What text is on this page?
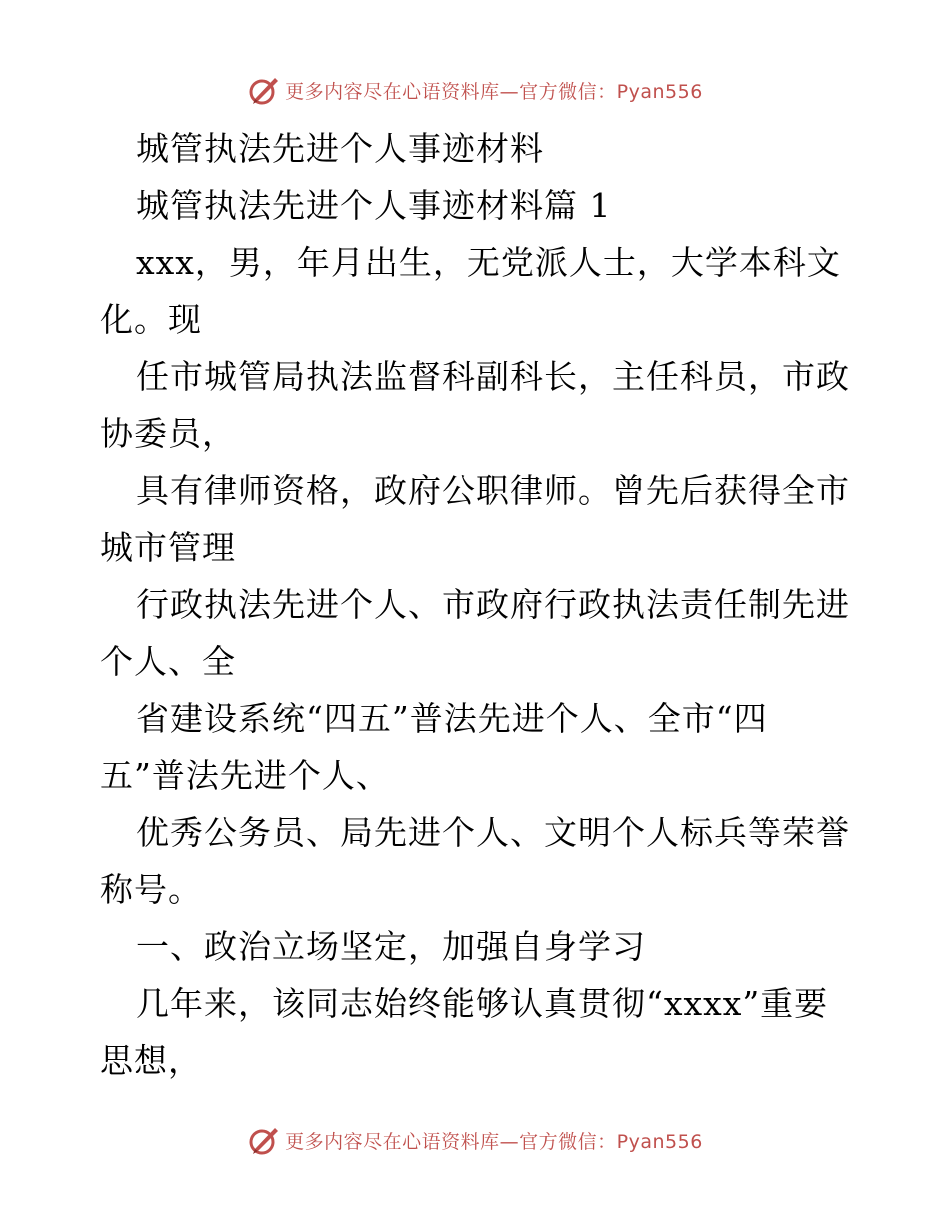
更多内容尽在心语资料库—官方微信：Pyan556

城管执法先进个人事迹材料

城管执法先进个人事迹材料篇 1

xxx，男，年月出生，无党派人士，大学本科文

化。现

任市城管局执法监督科副科长，主任科员，市政

协委员，

具有律师资格，政府公职律师。曾先后获得全市

城市管理

行政执法先进个人、市政府行政执法责任制先进

个人、全

省建设系统“四五”普法先进个人、全市“四

五”普法先进个人、

优秀公务员、局先进个人、文明个人标兵等荣誉

称号。

一、政治立场坚定，加强自身学习

几年来，该同志始终能够认真贯彻“xxxx”重要

思想，

更多内容尽在心语资料库—官方微信：Pyan556
